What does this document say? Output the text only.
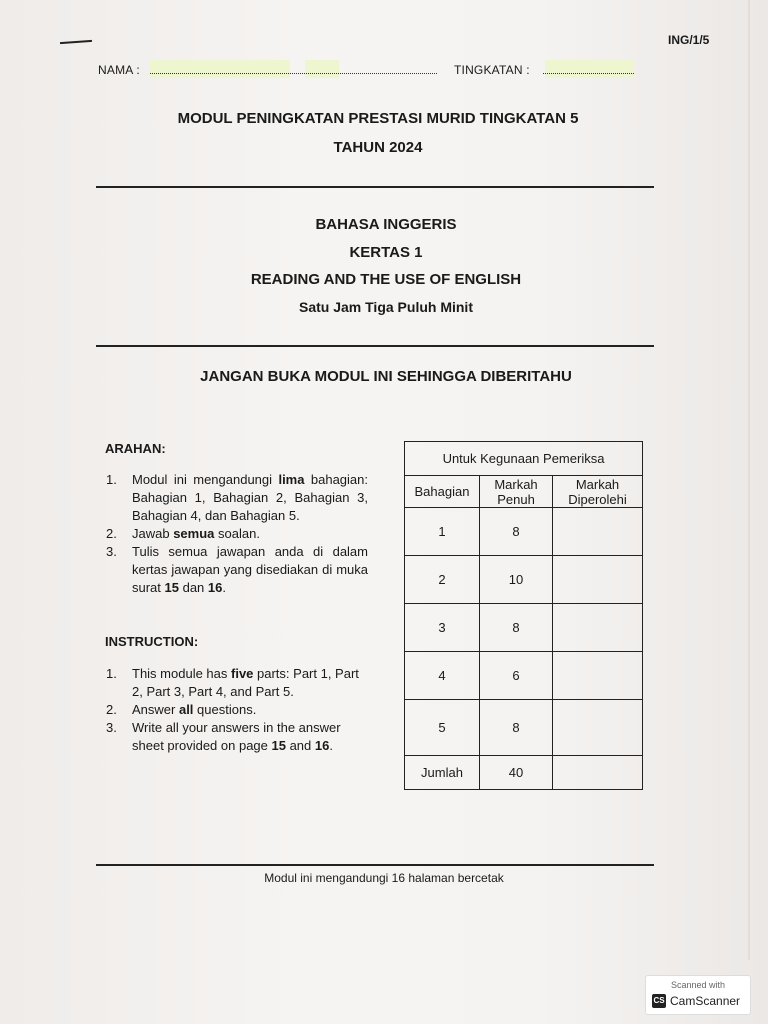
ING/1/5
NAMA :	TINGKATAN :
MODUL PENINGKATAN PRESTASI MURID TINGKATAN 5
TAHUN 2024
BAHASA INGGERIS
KERTAS 1
READING AND THE USE OF ENGLISH
Satu Jam Tiga Puluh Minit
JANGAN BUKA MODUL INI SEHINGGA DIBERITAHU
ARAHAN:
1. Modul ini mengandungi lima bahagian: Bahagian 1, Bahagian 2, Bahagian 3, Bahagian 4, dan Bahagian 5.
2. Jawab semua soalan.
3. Tulis semua jawapan anda di dalam kertas jawapan yang disediakan di muka surat 15 dan 16.
INSTRUCTION:
1. This module has five parts: Part 1, Part 2, Part 3, Part 4, and Part 5.
2. Answer all questions.
3. Write all your answers in the answer sheet provided on page 15 and 16.
Untuk Kegunaan Pemeriksa		
Bahagian	Markah Penuh	Markah Diperolehi
1	8	
2	10	
3	8	
4	6	
5	8	
Jumlah	40	
Modul ini mengandungi 16 halaman bercetak
Scanned with
CS CamScanner
